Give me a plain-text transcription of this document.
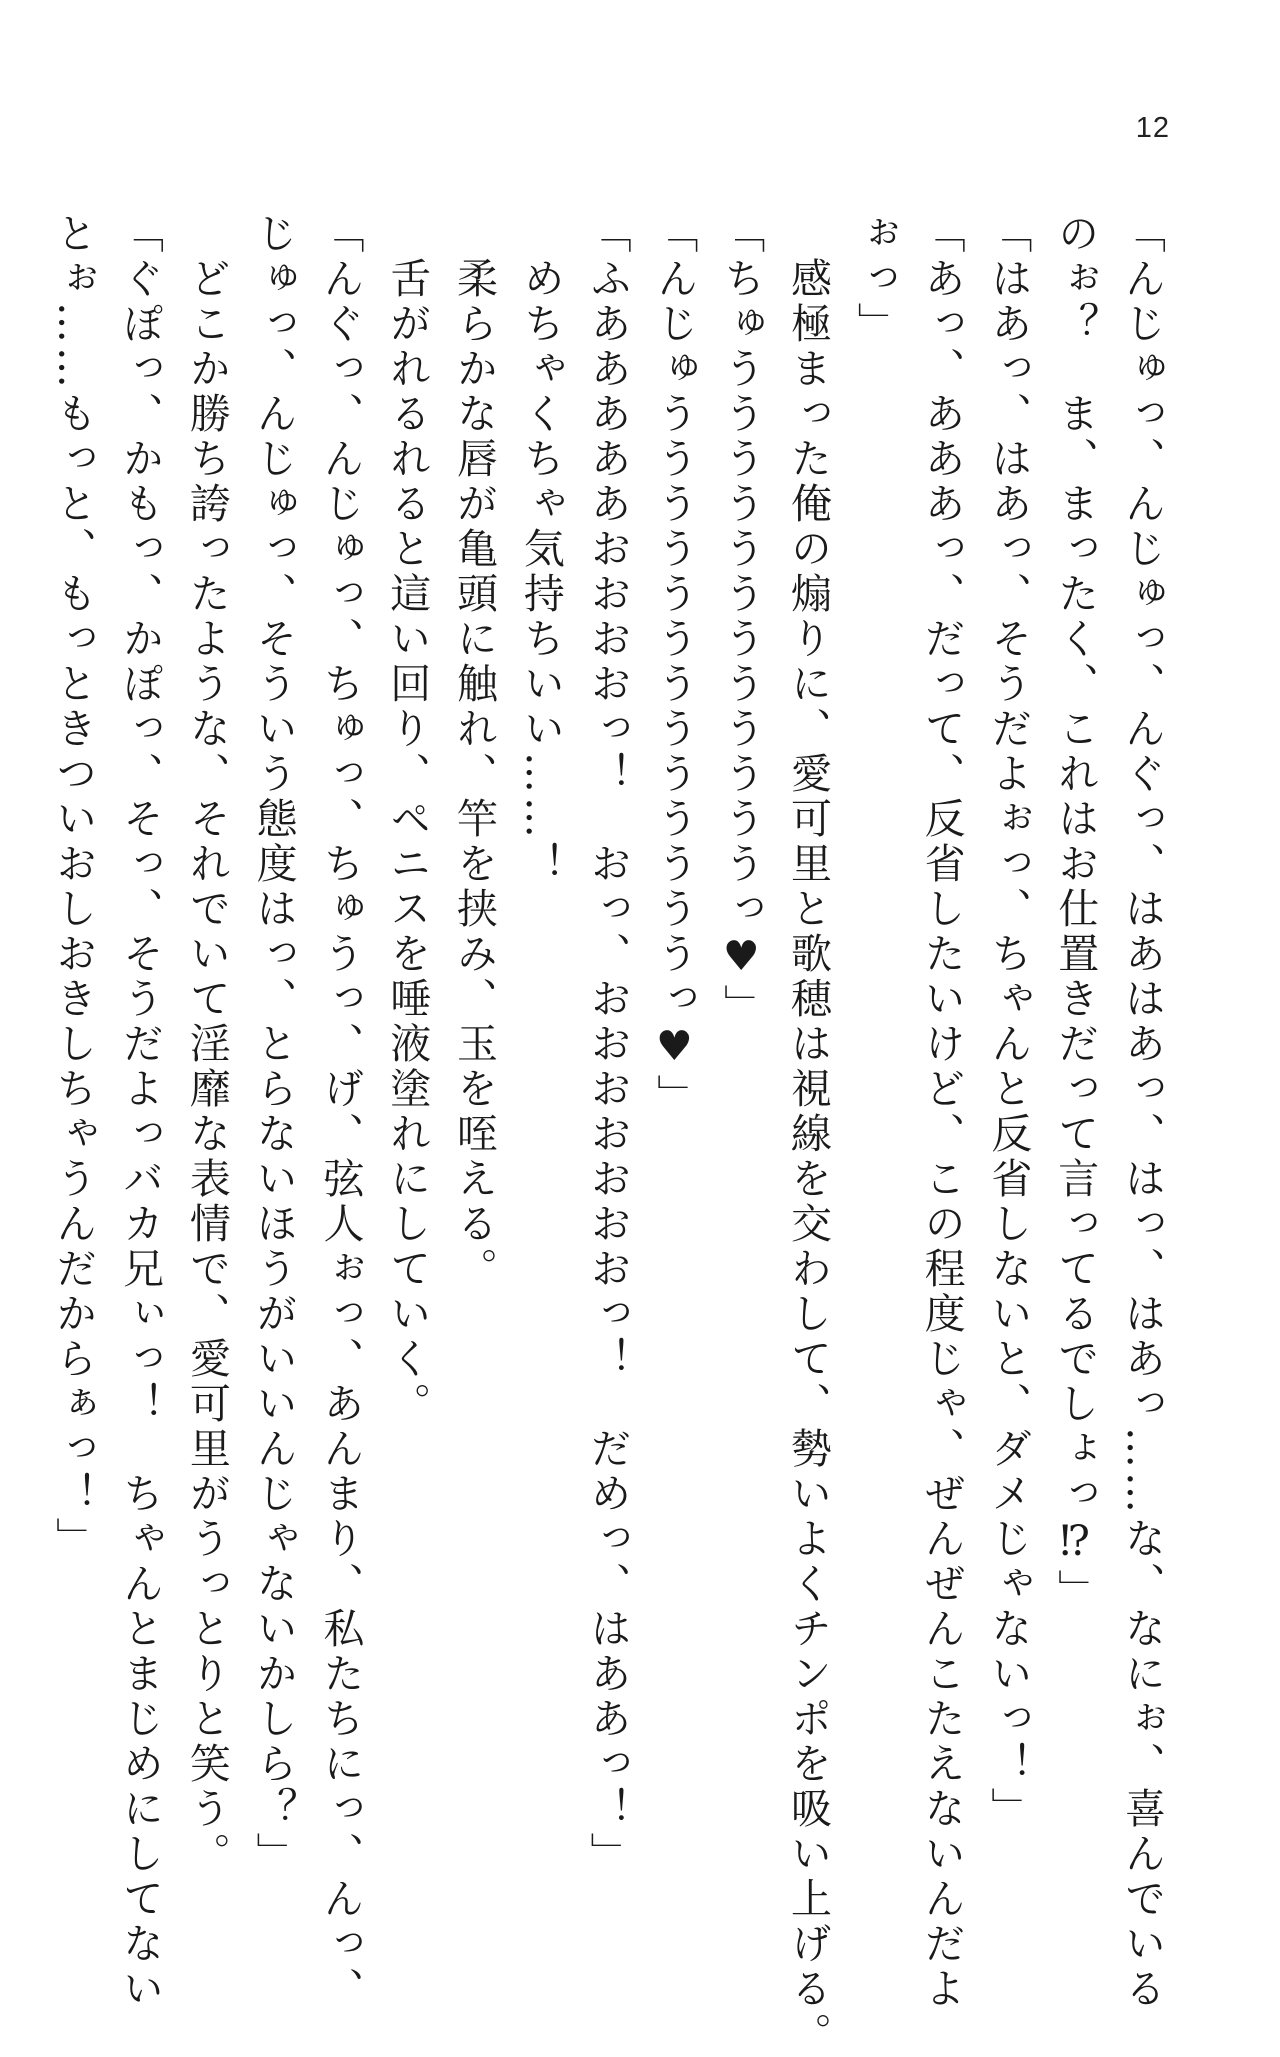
12

「んじゅっ、んじゅっ、んぐっ、はあはあっ、はっ、はあっ……な、なにぉ、喜んでいる

のぉ？　ま、まったく、これはお仕置きだって言ってるでしょっ⁉」

「はあっ、はあっ、そうだよぉっ、ちゃんと反省しないと、ダメじゃないっ！」

「あっ、あああっ、だって、反省したいけど、この程度じゃ、ぜんぜんこたえないんだよ

ぉっ」

　感極まった俺の煽りに、愛可里と歌穂は視線を交わして、勢いよくチンポを吸い上げる。

「ちゅううううううううううううっ♥」

「んじゅうううううううううううううっ♥」

「ふあああああおおおおっ！　おっ、おおおおおおおっ！　だめっ、はああっ！」

　めちゃくちゃ気持ちいい……！

　柔らかな唇が亀頭に触れ、竿を挟み、玉を咥える。

　舌がれるれると這い回り、ペニスを唾液塗れにしていく。

「んぐっ、んじゅっ、ちゅっ、ちゅうっ、げ、弦人ぉっ、あんまり、私たちにっ、んっ、

じゅっ、んじゅっ、そういう態度はっ、とらないほうがいいんじゃないかしら？」

　どこか勝ち誇ったような、それでいて淫靡な表情で、愛可里がうっとりと笑う。

「ぐぽっ、かもっ、かぽっ、そっ、そうだよっバカ兄ぃっ！　ちゃんとまじめにしてない

とぉ……もっと、もっときついおしおきしちゃうんだからぁっ！」
